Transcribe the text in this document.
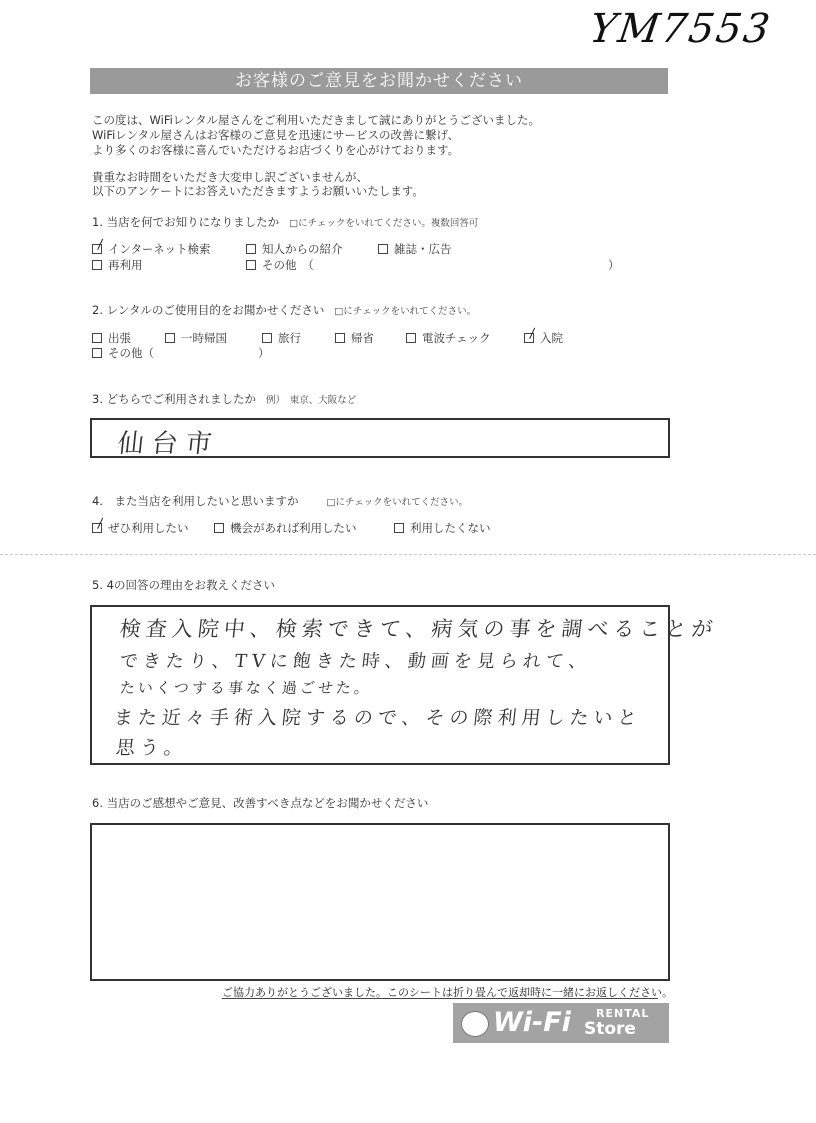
YM7553
お客様のご意見をお聞かせください
この度は、WiFiレンタル屋さんをご利用いただきまして誠にありがとうございました。
WiFiレンタル屋さんはお客様のご意見を迅速にサービスの改善に繋げ、
より多くのお客様に喜んでいただけるお店づくりを心がけております。
貴重なお時間をいただき大変申し訳ございませんが、
以下のアンケートにお答えいただきますようお願いいたします。
1. 当店を何でお知りになりましたか □にチェックをいれてください。複数回答可
インターネット検索	知人からの紹介	雑誌・広告
再利用	その他　（	）
2. レンタルのご使用目的をお聞かせください □にチェックをいれてください。
出張	一時帰国	旅行	帰省	電波チェック	入院
その他（	）
3. どちらでご利用されましたか 例）　東京、大阪など
仙台市
4.　また当店を利用したいと思いますか	□にチェックをいれてください。
ぜひ利用したい	機会があれば利用したい	利用したくない
5. 4の回答の理由をお教えください
検査入院中、検索できて、病気の事を調べることが
できたり、TVに飽きた時、動画を見られて、
たいくつする事なく過ごせた。
また近々手術入院するので、その際利用したいと
思う。
6. 当店のご感想やご意見、改善すべき点などをお聞かせください
ご協力ありがとうございました。このシートは折り畳んで返却時に一緒にお返しください。
Wi-Fi RENTAL
Store
